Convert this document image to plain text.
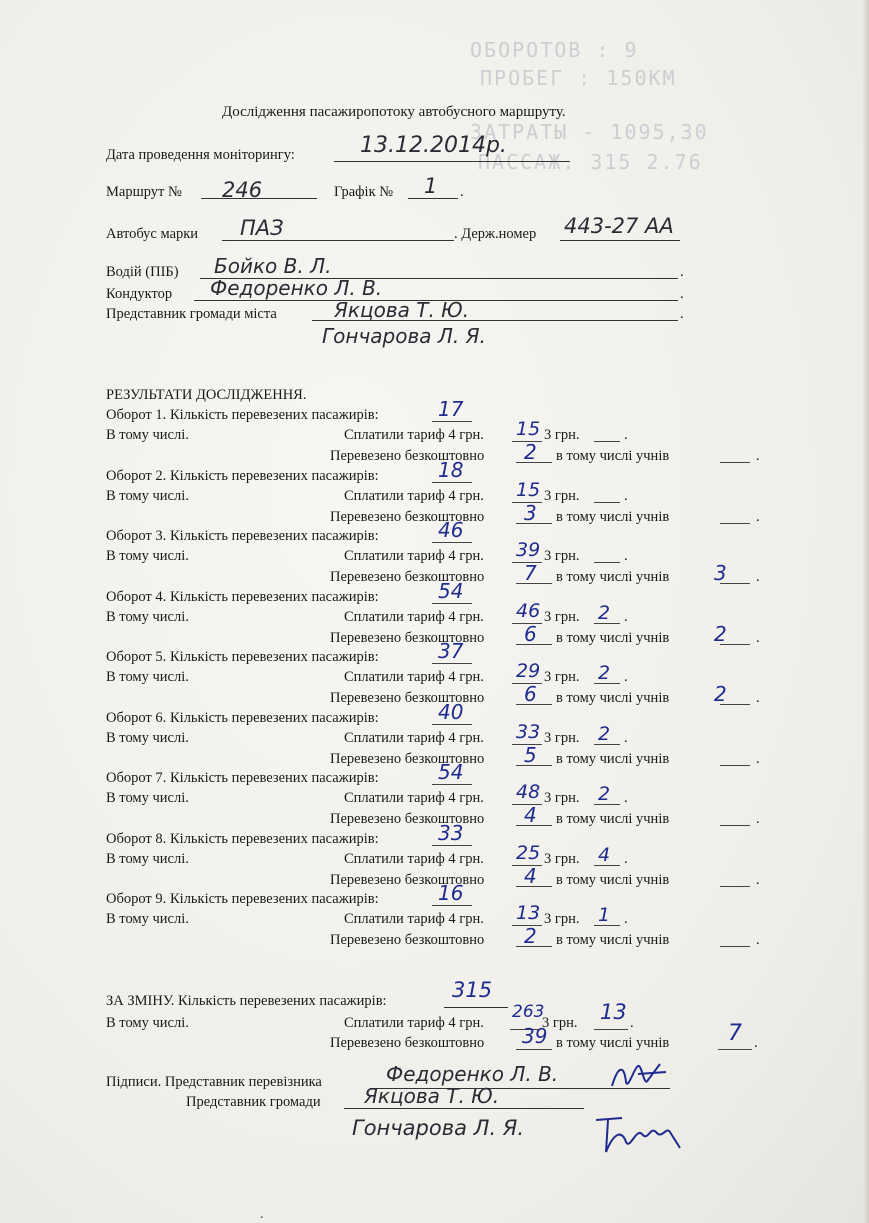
ОБОРОТОВ : 9
ПРОБЕГ : 150КМ
ЗАТРАТЫ - 1095,30
ПАССАЖ. 315 2.76
Дослідження пасажиропотоку автобусного маршруту.
Дата проведення моніторингу:	13.12.2014р.
Маршрут № 246	Графік № 1 .
Автобус марки ПАЗ	. Держ.номер 443-27 АА
Водій (ПІБ) Бойко В. Л.	.
Кондуктор Федоренко Л. В.	.
Представник громади міста	Якцова Т. Ю.
Гончарова Л. Я.
.
РЕЗУЛЬТАТИ ДОСЛІДЖЕННЯ.
Оборот 1. Кількість перевезених пасажирів:	17
В тому числі.	Сплатили тариф 4 грн. 15 3 грн.	.
Перевезено безкоштовно 2 в тому числі учнів	.
Оборот 2. Кількість перевезених пасажирів:	18
В тому числі.	Сплатили тариф 4 грн. 15 3 грн.	.
Перевезено безкоштовно 3 в тому числі учнів	.
Оборот 3. Кількість перевезених пасажирів:	46
В тому числі.	Сплатили тариф 4 грн. 39 3 грн.	.
Перевезено безкоштовно 7 в тому числі учнів 3 .
Оборот 4. Кількість перевезених пасажирів:	54
В тому числі.	Сплатили тариф 4 грн. 46 3 грн. 2 .
Перевезено безкоштовно 6 в тому числі учнів 2 .
Оборот 5. Кількість перевезених пасажирів:	37
В тому числі.	Сплатили тариф 4 грн. 29 3 грн. 2 .
Перевезено безкоштовно 6 в тому числі учнів 2 .
Оборот 6. Кількість перевезених пасажирів:	40
В тому числі.	Сплатили тариф 4 грн. 33 3 грн. 2 .
Перевезено безкоштовно 5 в тому числі учнів	.
Оборот 7. Кількість перевезених пасажирів:	54
В тому числі.	Сплатили тариф 4 грн. 48 3 грн. 2 .
Перевезено безкоштовно 4 в тому числі учнів	.
Оборот 8. Кількість перевезених пасажирів:	33
В тому числі.	Сплатили тариф 4 грн. 25 3 грн. 4 .
Перевезено безкоштовно 4 в тому числі учнів	.
Оборот 9. Кількість перевезених пасажирів:	16
В тому числі.	Сплатили тариф 4 грн. 13 3 грн. 1 .
Перевезено безкоштовно 2 в тому числі учнів	.
ЗА ЗМІНУ. Кількість перевезених пасажирів:	315
В тому числі.	Сплатили тариф 4 грн.
263
3 грн. 13 .
Перевезено безкоштовно 39 в тому числі учнів	7 .
Підписи. Представник перевізника	Федоренко Л. В.
Представник громади Якцова Т. Ю.
Гончарова Л. Я.
.
